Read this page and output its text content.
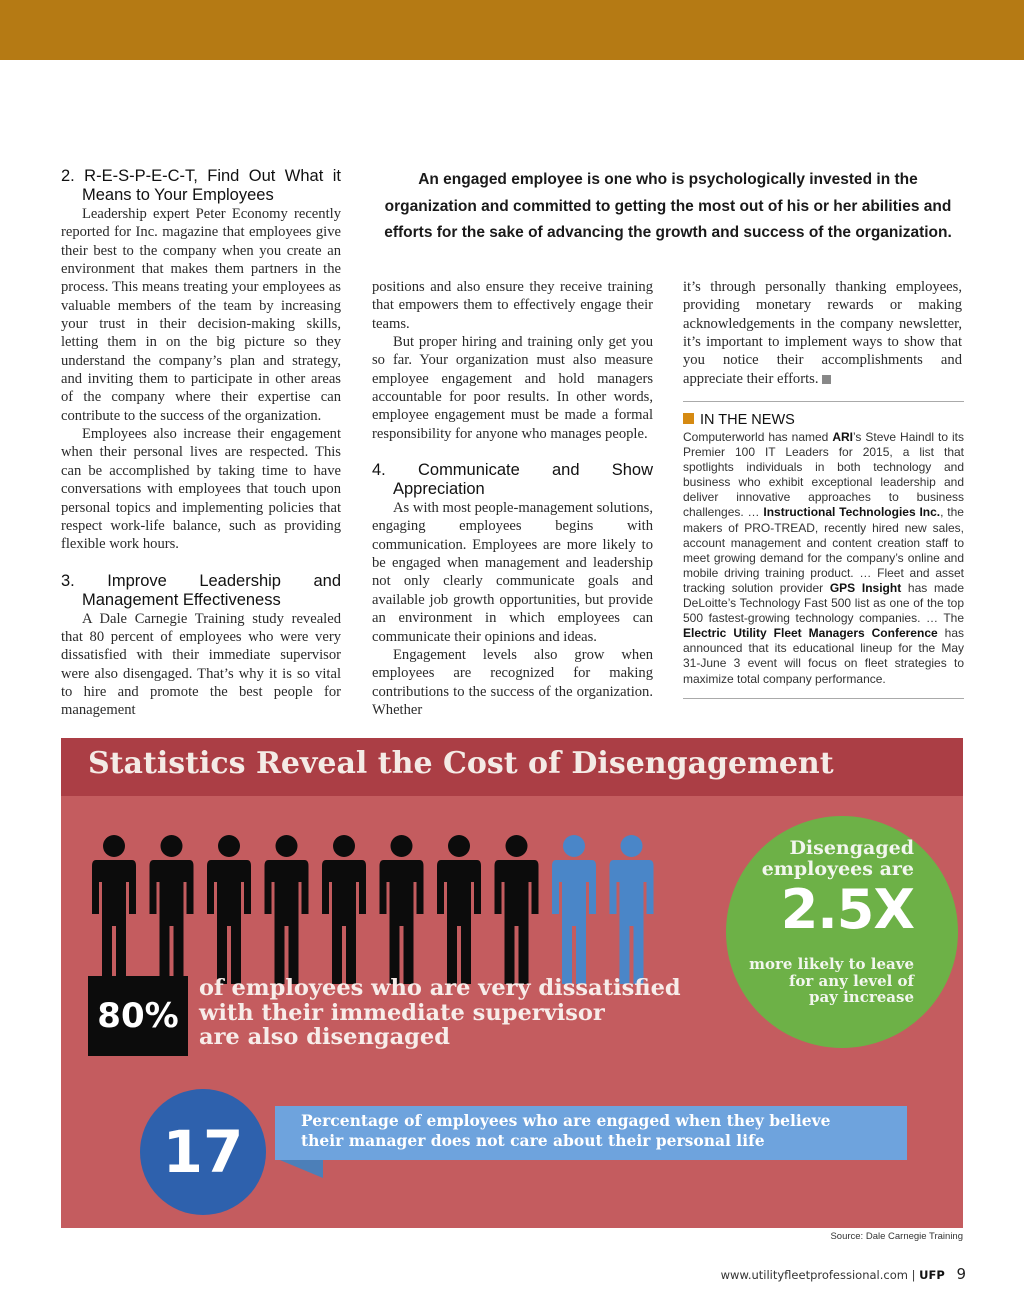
An engaged employee is one who is psychologically invested in the organization and committed to getting the most out of his or her abilities and efforts for the sake of advancing the growth and success of the organization.
2. R-E-S-P-E-C-T, Find Out What it Means to Your Employees

Leadership expert Peter Economy recently reported for Inc. magazine that employees give their best to the company when you create an environment that makes them partners in the process. This means treating your employees as valuable members of the team by increasing your trust in their decision-making skills, letting them in on the big picture so they understand the company’s plan and strategy, and inviting them to participate in other areas of the company where their expertise can contribute to the success of the organization.

Employees also increase their engagement when their personal lives are respected. This can be accomplished by taking time to have conversations with employees that touch upon personal topics and implementing policies that respect work-life balance, such as providing flexible work hours.

3. Improve Leadership and Management Effectiveness

A Dale Carnegie Training study revealed that 80 percent of employees who were very dissatisfied with their immediate supervisor were also disengaged. That’s why it is so vital to hire and promote the best people for management

positions and also ensure they receive training that empowers them to effectively engage their teams.

But proper hiring and training only get you so far. Your organization must also measure employee engagement and hold managers accountable for poor results. In other words, employee engagement must be made a formal responsibility for anyone who manages people.

4. Communicate and Show Appreciation

As with most people-management solutions, engaging employees begins with communication. Employees are more likely to be engaged when management and leadership not only clearly communicate goals and available job growth opportunities, but provide an environment in which employees can communicate their opinions and ideas.

Engagement levels also grow when employees are recognized for making contributions to the success of the organization. Whether

it’s through personally thanking employees, providing monetary rewards or making acknowledgements in the company newsletter, it’s important to implement ways to show that you notice their accomplishments and appreciate their efforts.

IN THE NEWS
Computerworld has named ARI’s Steve Haindl to its Premier 100 IT Leaders for 2015, a list that spotlights individuals in both technology and business who exhibit exceptional leadership and deliver innovative approaches to business challenges. … Instructional Technologies Inc., the makers of PRO-TREAD, recently hired new sales, account management and content creation staff to meet growing demand for the company’s online and mobile driving training product. … Fleet and asset tracking solution provider GPS Insight has made DeLoitte’s Technology Fast 500 list as one of the top 500 fastest-growing technology companies. … The Electric Utility Fleet Managers Conference has announced that its educational lineup for the May 31-June 3 event will focus on fleet strategies to maximize total company performance.
Statistics Reveal the Cost of Disengagement
Disengaged
employees are
2.5X
more likely to leave
for any level of
pay increase
80%
of employees who are very dissatisfied
with their immediate supervisor
are also disengaged
Percentage of employees who are engaged when they believe
their manager does not care about their personal life
17
Source: Dale Carnegie Training
www.utilityfleetprofessional.com | UFP 9
